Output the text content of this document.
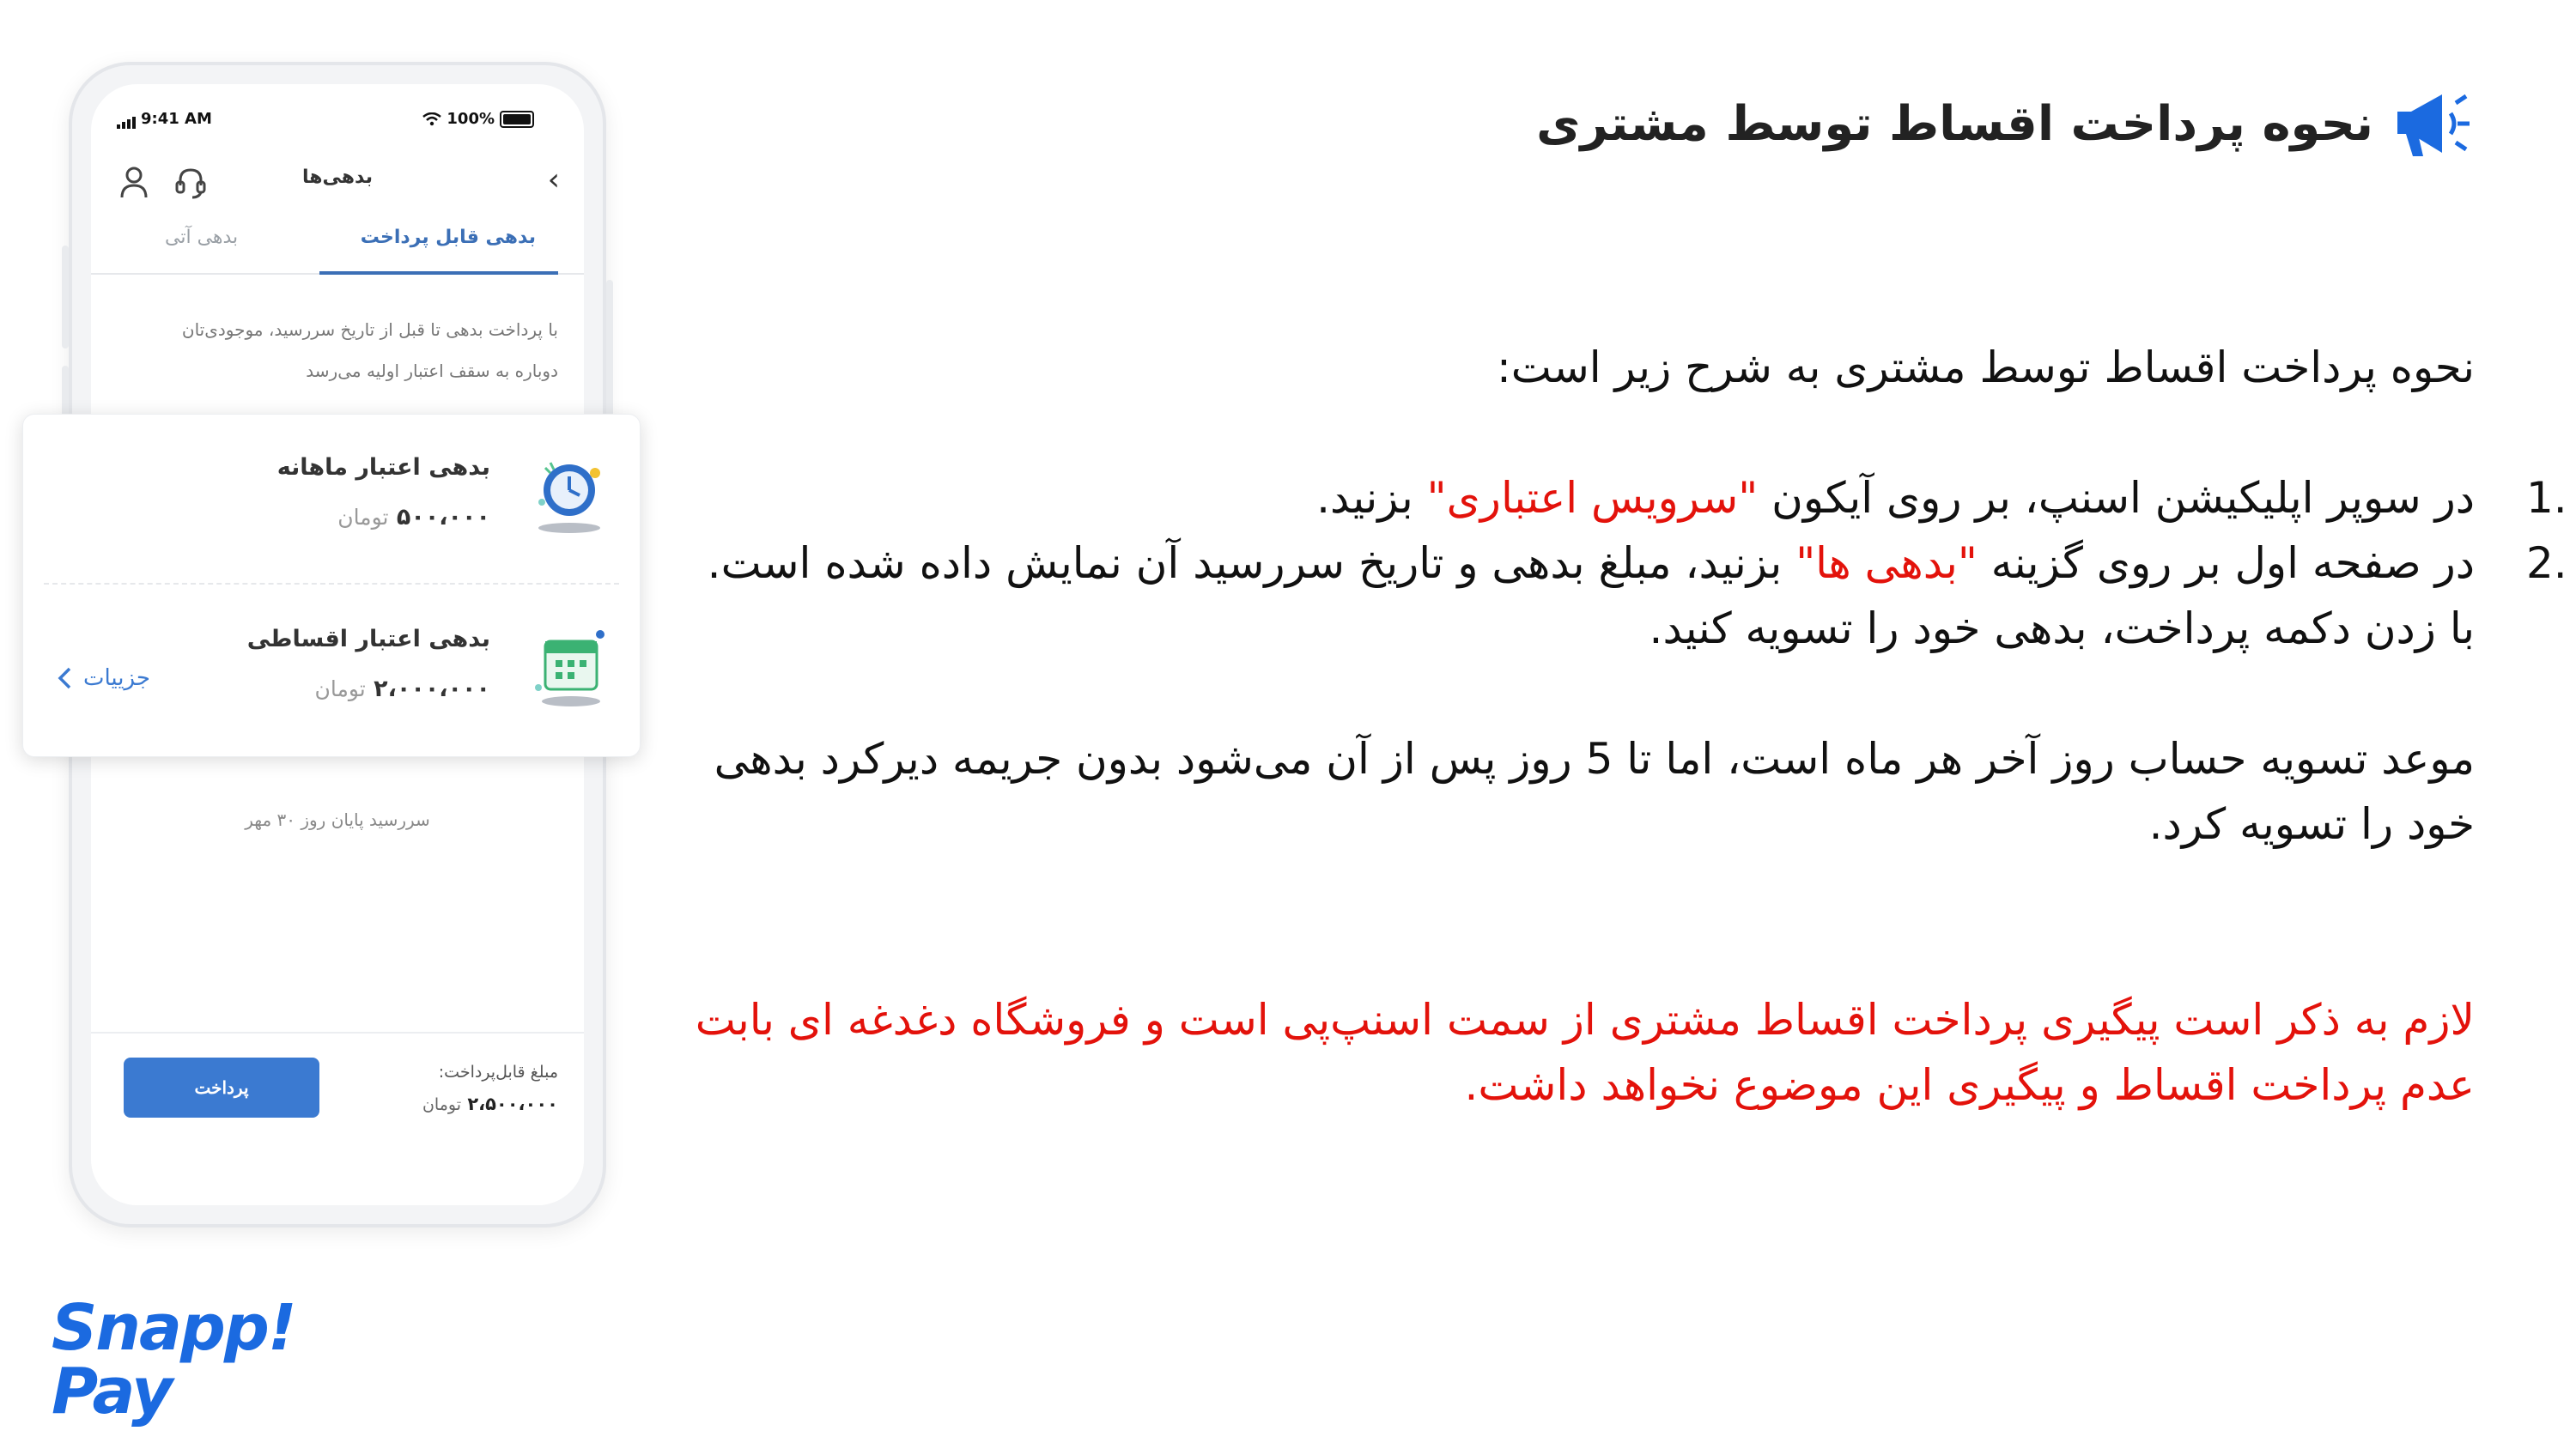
9:41 AM	100%
بدهی‌ها	‹
بدهی قابل پرداخت
بدهی آتی
با پرداخت بدهی تا قبل از تاریخ سررسید، موجودی‌تان
دوباره به سقف اعتبار اولیه می‌رسد
سررسید پایان روز ۳۰ مهر
پرداخت
مبلغ قابل‌پرداخت:
۲،۵۰۰،۰۰۰ تومان
بدهی اعتبار ماهانه
۵۰۰،۰۰۰ تومان
بدهی اعتبار اقساطی
۲،۰۰۰،۰۰۰ تومان
جزییات
نحوه پرداخت اقساط توسط مشتری

نحوه پرداخت اقساط توسط مشتری به شرح زیر است:

1.
در سوپر اپلیکیشن اسنپ، بر روی آیکون "سرویس اعتباری" بزنید.
2.
در صفحه اول بر روی گزینه "بدهی ها" بزنید، مبلغ بدهی و تاریخ سررسید آن نمایش داده شده است.
با زدن دکمه پرداخت، بدهی خود را تسویه کنید.

موعد تسویه حساب روز آخر هر ماه است، اما تا 5 روز پس از آن می‌شود بدون جریمه دیرکرد بدهی خود را تسویه کرد.

لازم به ذکر است پیگیری پرداخت اقساط مشتری از سمت اسنپ‌پی است و فروشگاه دغدغه ای بابت عدم پرداخت اقساط و پیگیری این موضوع نخواهد داشت.

Snapp!
Pay
